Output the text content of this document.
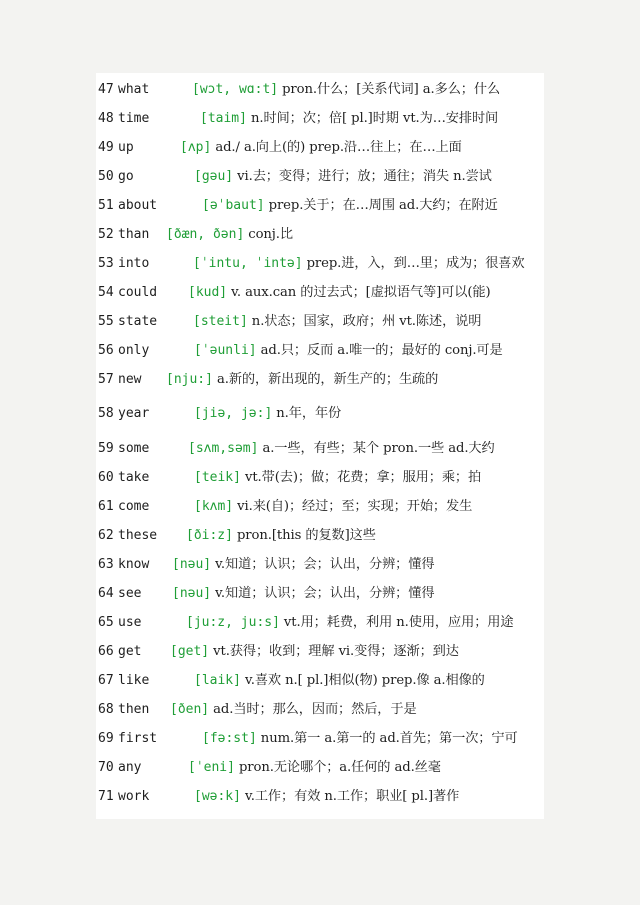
47 what	[wɔt, wɑ:t] pron.什么；[关系代词] a.多么；什么
48 time	[taim] n.时间；次；倍[ pl.]时期 vt.为…安排时间
49 up	[ʌp] ad./ a.向上(的) prep.沿…往上；在…上面
50 go	[gəu] vi.去；变得；进行；放；通往；消失 n.尝试
51 about	[əˈbaut] prep.关于；在…周围 ad.大约；在附近
52 than [ðæn, ðən] conj.比
53 into	[ˈintu, ˈintə] prep.进，入，到…里；成为；很喜欢
54 could [kud] v. aux.can 的过去式；[虚拟语气等]可以(能)
55 state	[steit] n.状态；国家，政府；州 vt.陈述，说明
56 only	[ˈəunli] ad.只；反而 a.唯一的；最好的 conj.可是
57 new [nju:] a.新的，新出现的，新生产的；生疏的
58 year	[jiə, jə:] n.年，年份
59 some	[sʌm,səm] a.一些，有些；某个 pron.一些 ad.大约
60 take	[teik] vt.带(去)；做；花费；拿；服用；乘；拍
61 come	[kʌm] vi.来(自)；经过；至；实现；开始；发生
62 these [ði:z] pron.[this 的复数]这些
63 know [nəu] v.知道；认识；会；认出，分辨；懂得
64 see [nəu] v.知道；认识；会；认出，分辨；懂得
65 use	[ju:z, ju:s] vt.用；耗费，利用 n.使用，应用；用途
66 get [get] vt.获得；收到；理解 vi.变得；逐渐；到达
67 like	[laik] v.喜欢 n.[ pl.]相似(物) prep.像 a.相像的
68 then [ðen] ad.当时；那么，因而；然后，于是
69 first	[fə:st] num.第一 a.第一的 ad.首先；第一次；宁可
70 any	[ˈeni] pron.无论哪个；a.任何的 ad.丝毫
71 work	[wə:k] v.工作；有效 n.工作；职业[ pl.]著作
